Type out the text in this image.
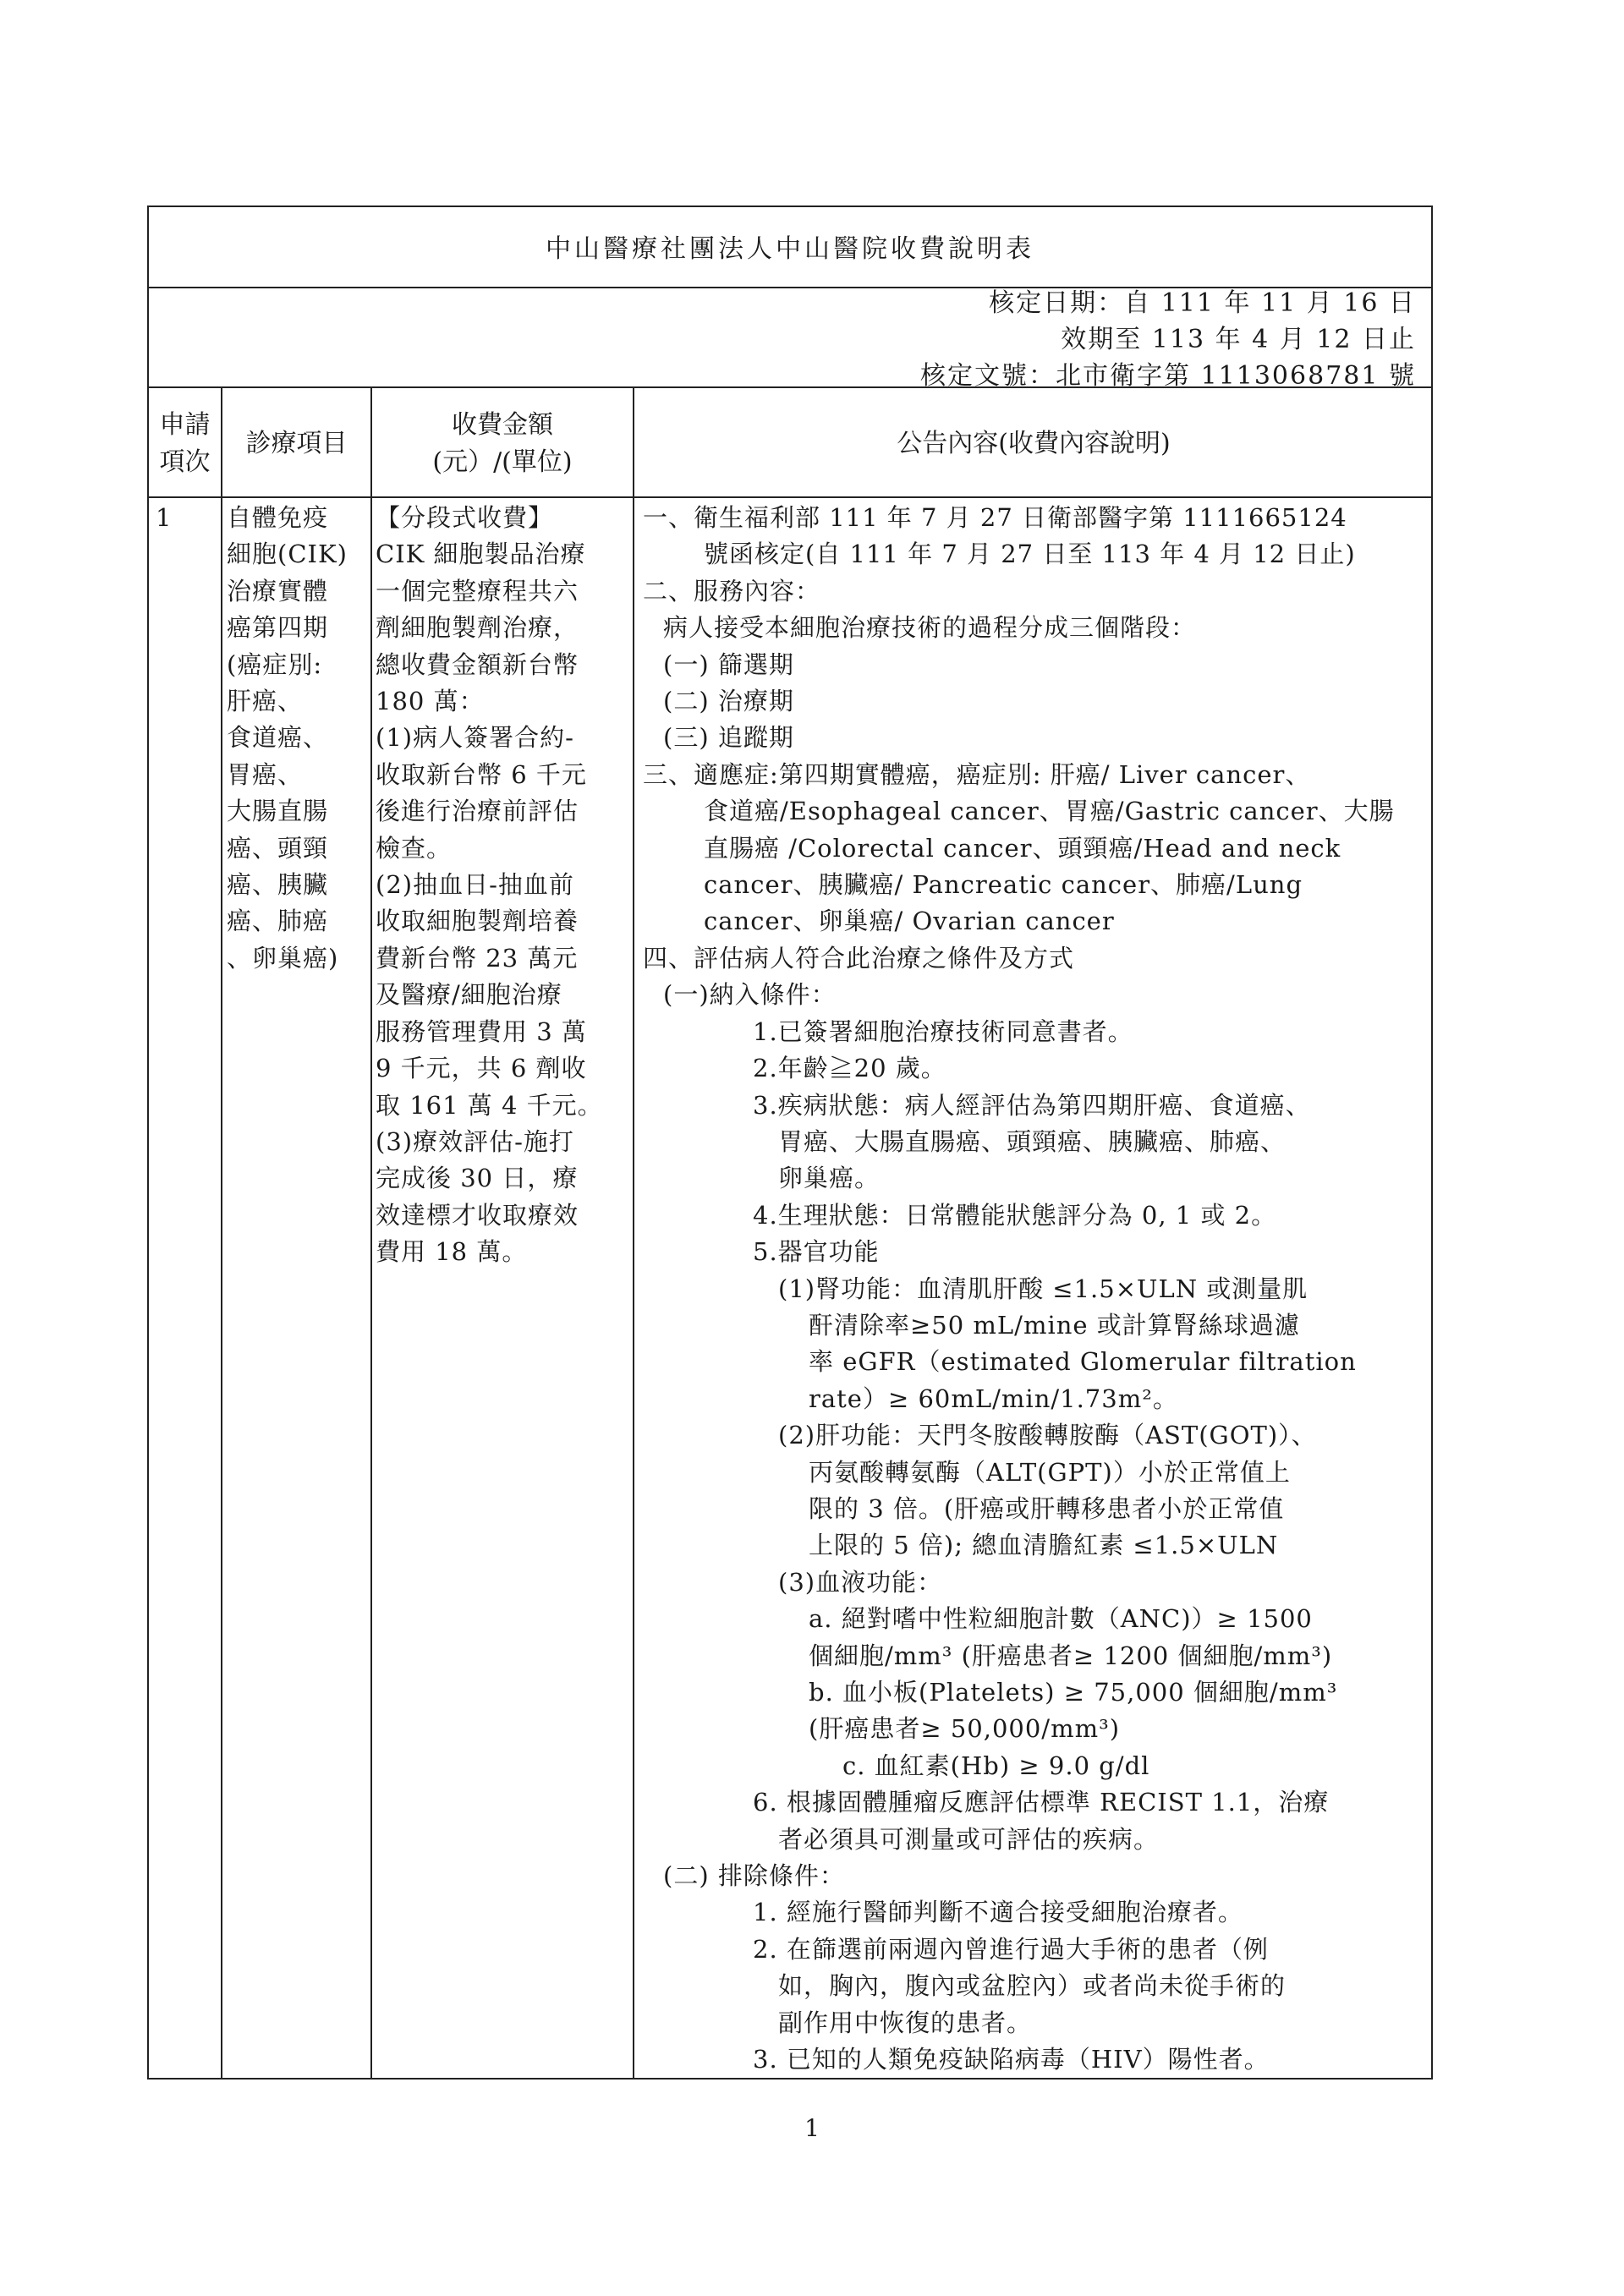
中山醫療社團法人中山醫院收費說明表
核定日期：自 111 年 11 月 16 日
效期至 113 年 4 月 12 日止
核定文號：北市衛字第 1113068781 號
申請
項次
診療項目
收費金額
(元）/(單位)
公告內容(收費內容說明)
1 自體免疫
細胞(CIK)
治療實體
癌第四期
(癌症別:
肝癌、
食道癌、
胃癌、
大腸直腸
癌、頭頸
癌、胰臟
癌、肺癌
、卵巢癌)
【分段式收費】
CIK 細胞製品治療
一個完整療程共六
劑細胞製劑治療，
總收費金額新台幣
180 萬：
(1)病人簽署合約-
收取新台幣 6 千元
後進行治療前評估
檢查。
(2)抽血日-抽血前
收取細胞製劑培養
費新台幣 23 萬元
及醫療/細胞治療
服務管理費用 3 萬
9 千元，共 6 劑收
取 161 萬 4 千元。
(3)療效評估-施打
完成後 30 日，療
效達標才收取療效
費用 18 萬。
一、衛生福利部 111 年 7 月 27 日衛部醫字第 1111665124
號函核定(自 111 年 7 月 27 日至 113 年 4 月 12 日止)
二、服務內容：
病人接受本細胞治療技術的過程分成三個階段：
(一) 篩選期
(二) 治療期
(三) 追蹤期
三、適應症:第四期實體癌，癌症別: 肝癌/ Liver cancer、
食道癌/Esophageal cancer、胃癌/Gastric cancer、大腸
直腸癌 /Colorectal cancer、頭頸癌/Head and neck
cancer、胰臟癌/ Pancreatic cancer、肺癌/Lung
cancer、卵巢癌/ Ovarian cancer
四、評估病人符合此治療之條件及方式
(一)納入條件：
1.已簽署細胞治療技術同意書者。
2.年齡≧20 歲。
3.疾病狀態：病人經評估為第四期肝癌、食道癌、
胃癌、大腸直腸癌、頭頸癌、胰臟癌、肺癌、
卵巢癌。
4.生理狀態：日常體能狀態評分為 0, 1 或 2。
5.器官功能
(1)腎功能：血清肌肝酸 ≤1.5×ULN 或測量肌
酐清除率≥50 mL/mine 或計算腎絲球過濾
率 eGFR（estimated Glomerular filtration
rate）≥ 60mL/min/1.73m²。
(2)肝功能：天門冬胺酸轉胺酶（AST(GOT)）、
丙氨酸轉氨酶（ALT(GPT)）小於正常值上
限的 3 倍。(肝癌或肝轉移患者小於正常值
上限的 5 倍); 總血清膽紅素 ≤1.5×ULN
(3)血液功能：
a. 絕對嗜中性粒細胞計數（ANC)）≥ 1500
個細胞/mm³ (肝癌患者≥ 1200 個細胞/mm³)
b. 血小板(Platelets) ≥ 75,000 個細胞/mm³
(肝癌患者≥ 50,000/mm³)
c. 血紅素(Hb) ≥ 9.0 g/dl
6. 根據固體腫瘤反應評估標準 RECIST 1.1，治療
者必須具可測量或可評估的疾病。
(二) 排除條件：
1. 經施行醫師判斷不適合接受細胞治療者。
2. 在篩選前兩週內曾進行過大手術的患者（例
如，胸內，腹內或盆腔內）或者尚未從手術的
副作用中恢復的患者。
3. 已知的人類免疫缺陷病毒（HIV）陽性者。
1
